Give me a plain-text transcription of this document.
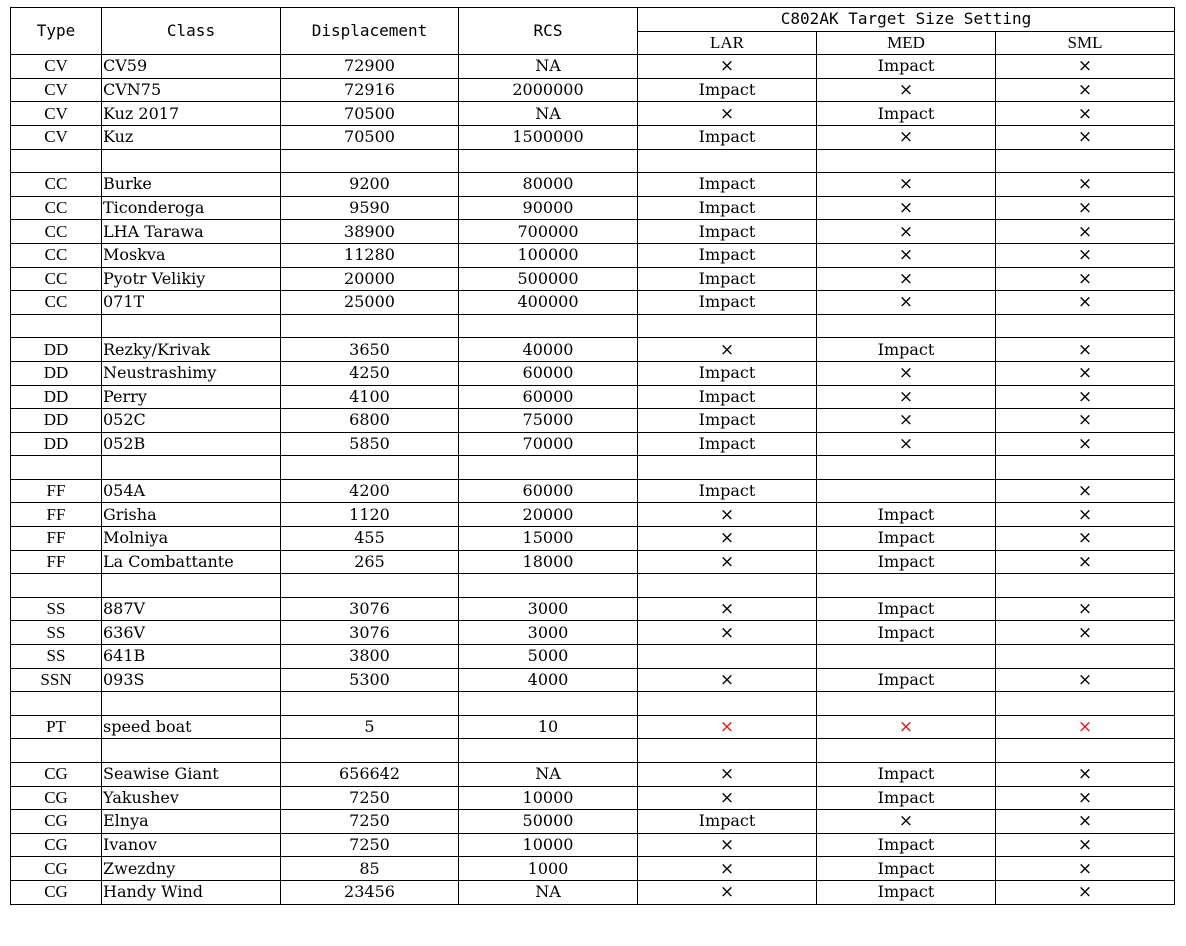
Type	Class	Displacement	RCS	C802AK Target Size Setting		
				LAR	MED	SML
CV	CV59	72900	NA	×	Impact	×
CV	CVN75	72916	2000000	Impact	×	×
CV	Kuz 2017	70500	NA	×	Impact	×
CV	Kuz	70500	1500000	Impact	×	×

CC	Burke	9200	80000	Impact	×	×
CC	Ticonderoga	9590	90000	Impact	×	×
CC	LHA Tarawa	38900	700000	Impact	×	×
CC	Moskva	11280	100000	Impact	×	×
CC	Pyotr Velikiy	20000	500000	Impact	×	×
CC	071T	25000	400000	Impact	×	×

DD	Rezky/Krivak	3650	40000	×	Impact	×
DD	Neustrashimy	4250	60000	Impact	×	×
DD	Perry	4100	60000	Impact	×	×
DD	052C	6800	75000	Impact	×	×
DD	052B	5850	70000	Impact	×	×

FF	054A	4200	60000	Impact		×
FF	Grisha	1120	20000	×	Impact	×
FF	Molniya	455	15000	×	Impact	×
FF	La Combattante	265	18000	×	Impact	×

SS	887V	3076	3000	×	Impact	×
SS	636V	3076	3000	×	Impact	×
SS	641B	3800	5000			
SSN	093S	5300	4000	×	Impact	×

PT	speed boat	5	10	×	×	×

CG	Seawise Giant	656642	NA	×	Impact	×
CG	Yakushev	7250	10000	×	Impact	×
CG	Elnya	7250	50000	Impact	×	×
CG	Ivanov	7250	10000	×	Impact	×
CG	Zwezdny	85	1000	×	Impact	×
CG	Handy Wind	23456	NA	×	Impact	×
